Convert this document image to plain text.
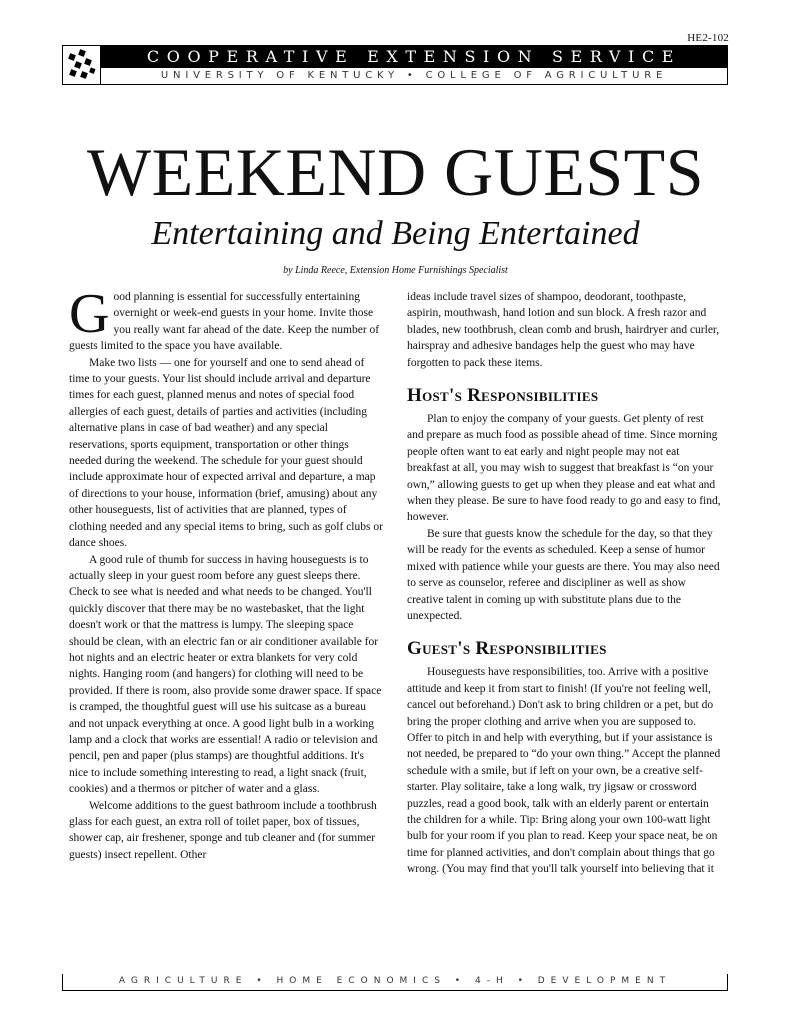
HE2-102
COOPERATIVE EXTENSION SERVICE
UNIVERSITY OF KENTUCKY • COLLEGE OF AGRICULTURE
WEEKEND GUESTS
Entertaining and Being Entertained
by Linda Reece, Extension Home Furnishings Specialist

Good planning is essential for successfully entertaining overnight or week-end guests in your home. Invite those you really want far ahead of the date. Keep the number of guests limited to the space you have available.

Make two lists — one for yourself and one to send ahead of time to your guests. Your list should include arrival and departure times for each guest, planned menus and notes of special food allergies of each guest, details of parties and activities (including alternative plans in case of bad weather) and any special reservations, sports equipment, transportation or other things needed during the weekend. The schedule for your guest should include approximate hour of expected arrival and departure, a map of directions to your house, information (brief, amusing) about any other houseguests, list of activities that are planned, types of clothing needed and any special items to bring, such as golf clubs or dance shoes.

A good rule of thumb for success in having houseguests is to actually sleep in your guest room before any guest sleeps there. Check to see what is needed and what needs to be changed. You'll quickly discover that there may be no wastebasket, that the light doesn't work or that the mattress is lumpy. The sleeping space should be clean, with an electric fan or air conditioner available for hot nights and an electric heater or extra blankets for very cold nights. Hanging room (and hangers) for clothing will need to be provided. If there is room, also provide some drawer space. If space is cramped, the thoughtful guest will use his suitcase as a bureau and not unpack everything at once. A good light bulb in a working lamp and a clock that works are essential! A radio or television and pencil, pen and paper (plus stamps) are thoughtful additions. It's nice to include something interesting to read, a light snack (fruit, cookies) and a thermos or pitcher of water and a glass.

Welcome additions to the guest bathroom include a toothbrush glass for each guest, an extra roll of toilet paper, box of tissues, shower cap, air freshener, sponge and tub cleaner and (for summer guests) insect repellent. Other

ideas include travel sizes of shampoo, deodorant, toothpaste, aspirin, mouthwash, hand lotion and sun block. A fresh razor and blades, new toothbrush, clean comb and brush, hairdryer and curler, hairspray and adhesive bandages help the guest who may have forgotten to pack these items.

Host's Responsibilities

Plan to enjoy the company of your guests. Get plenty of rest and prepare as much food as possible ahead of time. Since morning people often want to eat early and night people may not eat breakfast at all, you may wish to suggest that breakfast is “on your own,” allowing guests to get up when they please and eat what and when they please. Be sure to have food ready to go and easy to find, however.

Be sure that guests know the schedule for the day, so that they will be ready for the events as scheduled. Keep a sense of humor mixed with patience while your guests are there. You may also need to serve as counselor, referee and discipliner as well as show creative talent in coming up with substitute plans due to the unexpected.

Guest's Responsibilities

Houseguests have responsibilities, too. Arrive with a positive attitude and keep it from start to finish! (If you're not feeling well, cancel out beforehand.) Don't ask to bring children or a pet, but do bring the proper clothing and arrive when you are supposed to. Offer to pitch in and help with everything, but if your assistance is not needed, be prepared to “do your own thing.” Accept the planned schedule with a smile, but if left on your own, be a creative self-starter. Play solitaire, take a long walk, try jigsaw or crossword puzzles, read a good book, talk with an elderly parent or entertain the children for a while. Tip: Bring along your own 100-watt light bulb for your room if you plan to read. Keep your space neat, be on time for planned activities, and don't complain about things that go wrong. (You may find that you'll talk yourself into believing that it

AGRICULTURE • HOME ECONOMICS • 4-H • DEVELOPMENT
